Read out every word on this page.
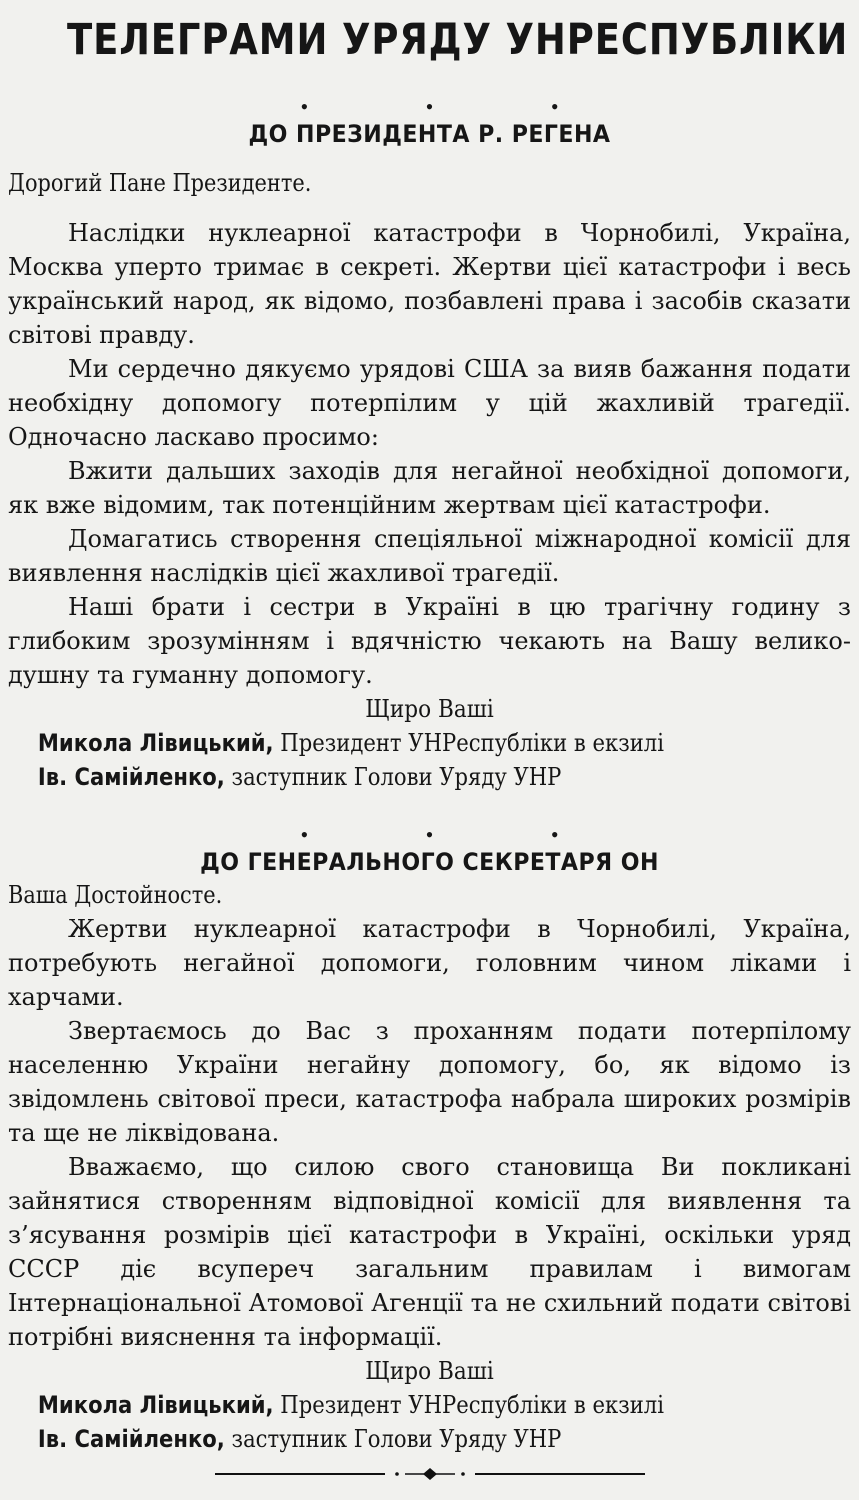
ТЕЛЕГРАМИ УРЯДУ УНРЕСПУБЛІКИ
• • •
ДО ПРЕЗИДЕНТА Р. РЕГЕНА

Дорогий Пане Президенте.

Наслідки нуклеарної катастрофи в Чорнобилі, Україна, Москва уперто тримає в секреті. Жертви цієї катастрофи і весь український народ, як відомо, позбавлені права і засобів сказати світові правду.

Ми сердечно дякуємо урядові США за вияв бажання подати необхідну допомогу потерпілим у цій жахливій трагедії. Одночасно ласкаво просимо:

Вжити дальших заходів для негайної необхідної допомоги, як вже відомим, так потенційним жертвам цієї катастрофи.

Домагатись створення спеціяльної міжнародної комісії для виявлення наслідків цієї жахливої трагедії.

Наші брати і сестри в Україні в цю трагічну годину з глибоким зрозумінням і вдячністю чекають на Вашу великодушну та гуманну допомогу.

Щиро Ваші
Микола Лівицький, Президент УНРеспубліки в екзилі
Ів. Самійленко, заступник Голови Уряду УНР
• • •
ДО ГЕНЕРАЛЬНОГО СЕКРЕТАРЯ ОН

Ваша Достойносте.

Жертви нуклеарної катастрофи в Чорнобилі, Україна, потребують негайної допомоги, головним чином ліками і харчами.

Звертаємось до Вас з проханням подати потерпілому населенню України негайну допомогу, бо, як відомо із звідомлень світової преси, катастрофа набрала широких розмірів та ще не ліквідована.

Вважаємо, що силою свого становища Ви покликані зайнятися створенням відповідної комісії для виявлення та з’ясування розмірів цієї катастрофи в Україні, оскільки уряд СССР діє всупереч загальним правилам і вимогам Інтернаціональної Атомової Агенції та не схильний подати світові потрібні вияснення та інформації.

Щиро Ваші
Микола Лівицький, Президент УНРеспубліки в екзилі
Ів. Самійленко, заступник Голови Уряду УНР
